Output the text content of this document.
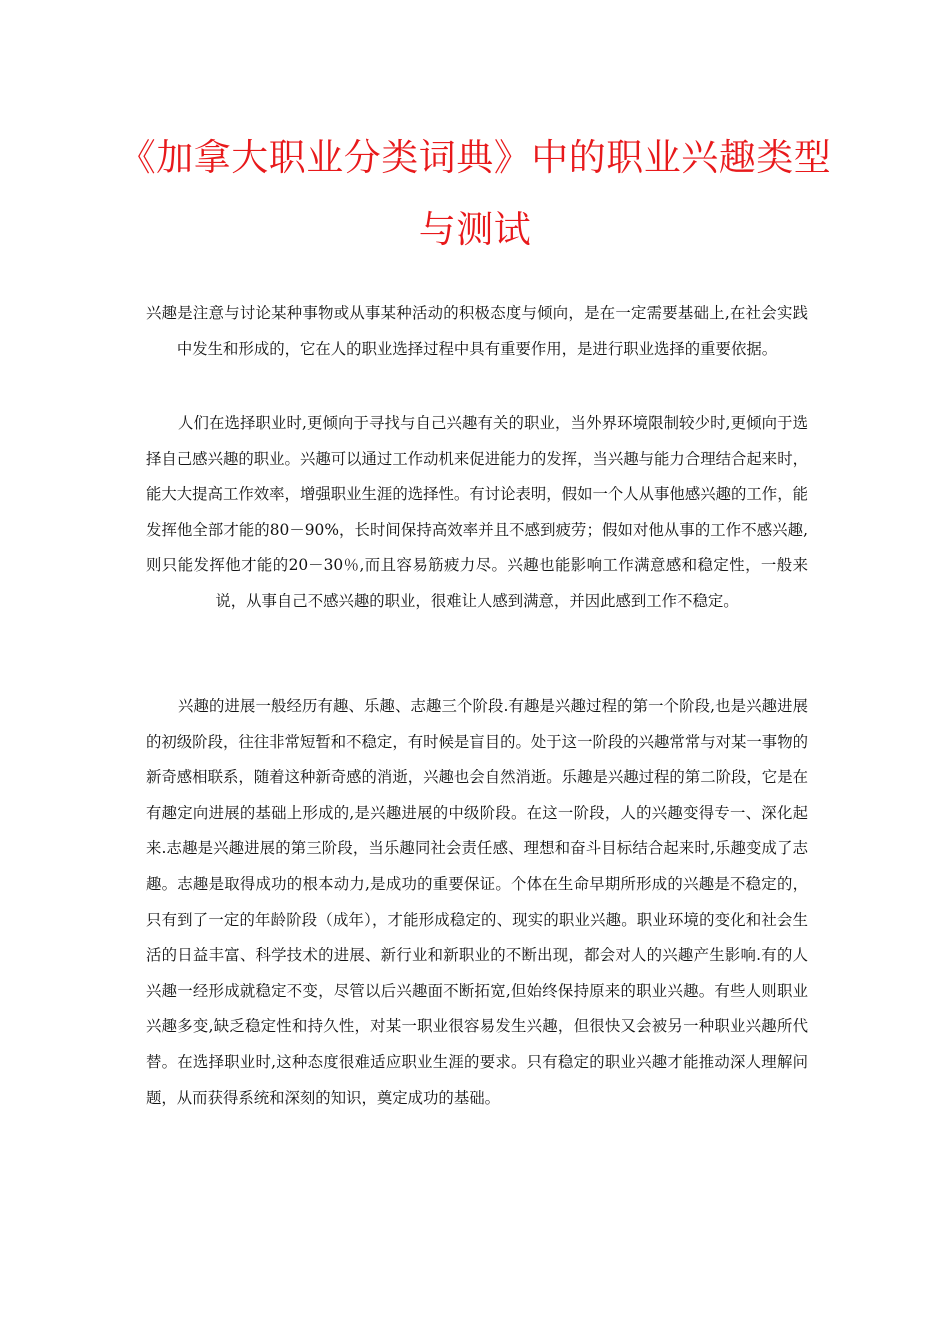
《加拿大职业分类词典》中的职业兴趣类型与测试

兴趣是注意与讨论某种事物或从事某种活动的积极态度与倾向，是在一定需要基础上,在社会实践中发生和形成的，它在人的职业选择过程中具有重要作用，是进行职业选择的重要依据。

人们在选择职业时,更倾向于寻找与自己兴趣有关的职业，当外界环境限制较少时,更倾向于选择自己感兴趣的职业。兴趣可以通过工作动机来促进能力的发挥，当兴趣与能力合理结合起来时，能大大提高工作效率，增强职业生涯的选择性。有讨论表明，假如一个人从事他感兴趣的工作，能发挥他全部才能的80－90%，长时间保持高效率并且不感到疲劳；假如对他从事的工作不感兴趣,则只能发挥他才能的20－30％,而且容易筋疲力尽。兴趣也能影响工作满意感和稳定性，一般来说，从事自己不感兴趣的职业，很难让人感到满意，并因此感到工作不稳定。

兴趣的进展一般经历有趣、乐趣、志趣三个阶段.有趣是兴趣过程的第一个阶段,也是兴趣进展的初级阶段，往往非常短暂和不稳定，有时候是盲目的。处于这一阶段的兴趣常常与对某一事物的新奇感相联系，随着这种新奇感的消逝，兴趣也会自然消逝。乐趣是兴趣过程的第二阶段，它是在有趣定向进展的基础上形成的,是兴趣进展的中级阶段。在这一阶段，人的兴趣变得专一、深化起来.志趣是兴趣进展的第三阶段，当乐趣同社会责任感、理想和奋斗目标结合起来时,乐趣变成了志趣。志趣是取得成功的根本动力,是成功的重要保证。个体在生命早期所形成的兴趣是不稳定的，只有到了一定的年龄阶段（成年），才能形成稳定的、现实的职业兴趣。职业环境的变化和社会生活的日益丰富、科学技术的进展、新行业和新职业的不断出现，都会对人的兴趣产生影响.有的人兴趣一经形成就稳定不变，尽管以后兴趣面不断拓宽,但始终保持原来的职业兴趣。有些人则职业兴趣多变,缺乏稳定性和持久性，对某一职业很容易发生兴趣，但很快又会被另一种职业兴趣所代替。在选择职业时,这种态度很难适应职业生涯的要求。只有稳定的职业兴趣才能推动深人理解问题，从而获得系统和深刻的知识，奠定成功的基础。
